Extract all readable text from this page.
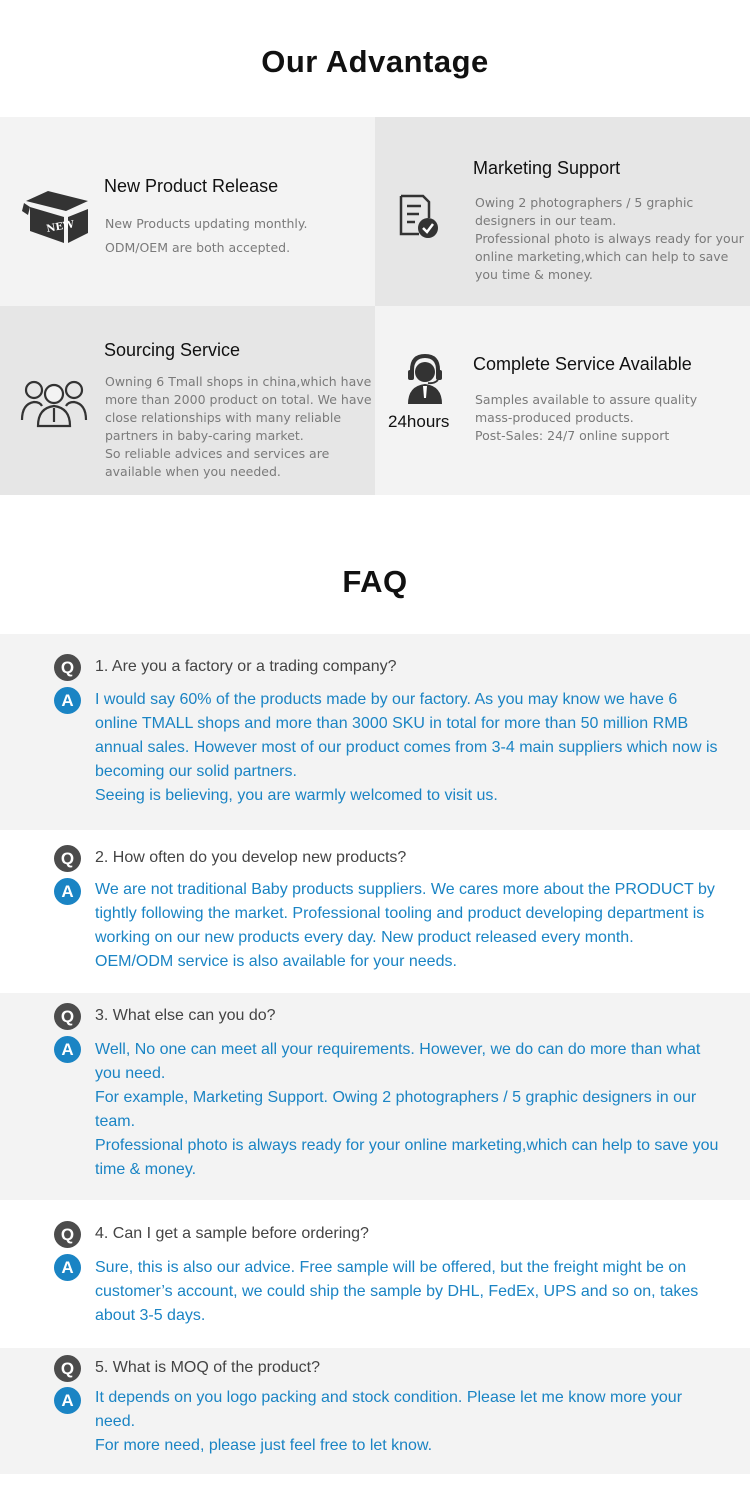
Our Advantage
NEW
New Product Release
New Products updating monthly.
ODM/OEM are both accepted.
Marketing Support
Owing 2 photographers / 5 graphic
designers in our team.
Professional photo is always ready for your
online marketing,which can help to save
you time & money.
Sourcing Service
Owning 6 Tmall shops in china,which have
more than 2000 product on total. We have
close relationships with many reliable
partners in baby-caring market.
So reliable advices and services are
available when you needed.
24hours
Complete Service Available
Samples available to assure quality
mass-produced products.
Post-Sales: 24/7 online support
FAQ
Q	1. Are you a factory or a trading company?
A	I would say 60% of the products made by our factory. As you may know we have 6
online TMALL shops and more than 3000 SKU in total for more than 50 million RMB
annual sales. However most of our product comes from 3-4 main suppliers which now is
becoming our solid partners.
Seeing is believing, you are warmly welcomed to visit us.
Q	2. How often do you develop new products?
A	We are not traditional Baby products suppliers. We cares more about the PRODUCT by
tightly following the market. Professional tooling and product developing department is
working on our new products every day. New product released every month.
OEM/ODM service is also available for your needs.
Q	3. What else can you do?
A	Well, No one can meet all your requirements. However, we do can do more than what
you need.
For example, Marketing Support. Owing 2 photographers / 5 graphic designers in our
team.
Professional photo is always ready for your online marketing,which can help to save you
time & money.
Q	4. Can I get a sample before ordering?
A	Sure, this is also our advice. Free sample will be offered, but the freight might be on
customer’s account, we could ship the sample by DHL, FedEx, UPS and so on, takes
about 3-5 days.
Q	5. What is MOQ of the product?
A	It depends on you logo packing and stock condition. Please let me know more your
need.
For more need, please just feel free to let know.
